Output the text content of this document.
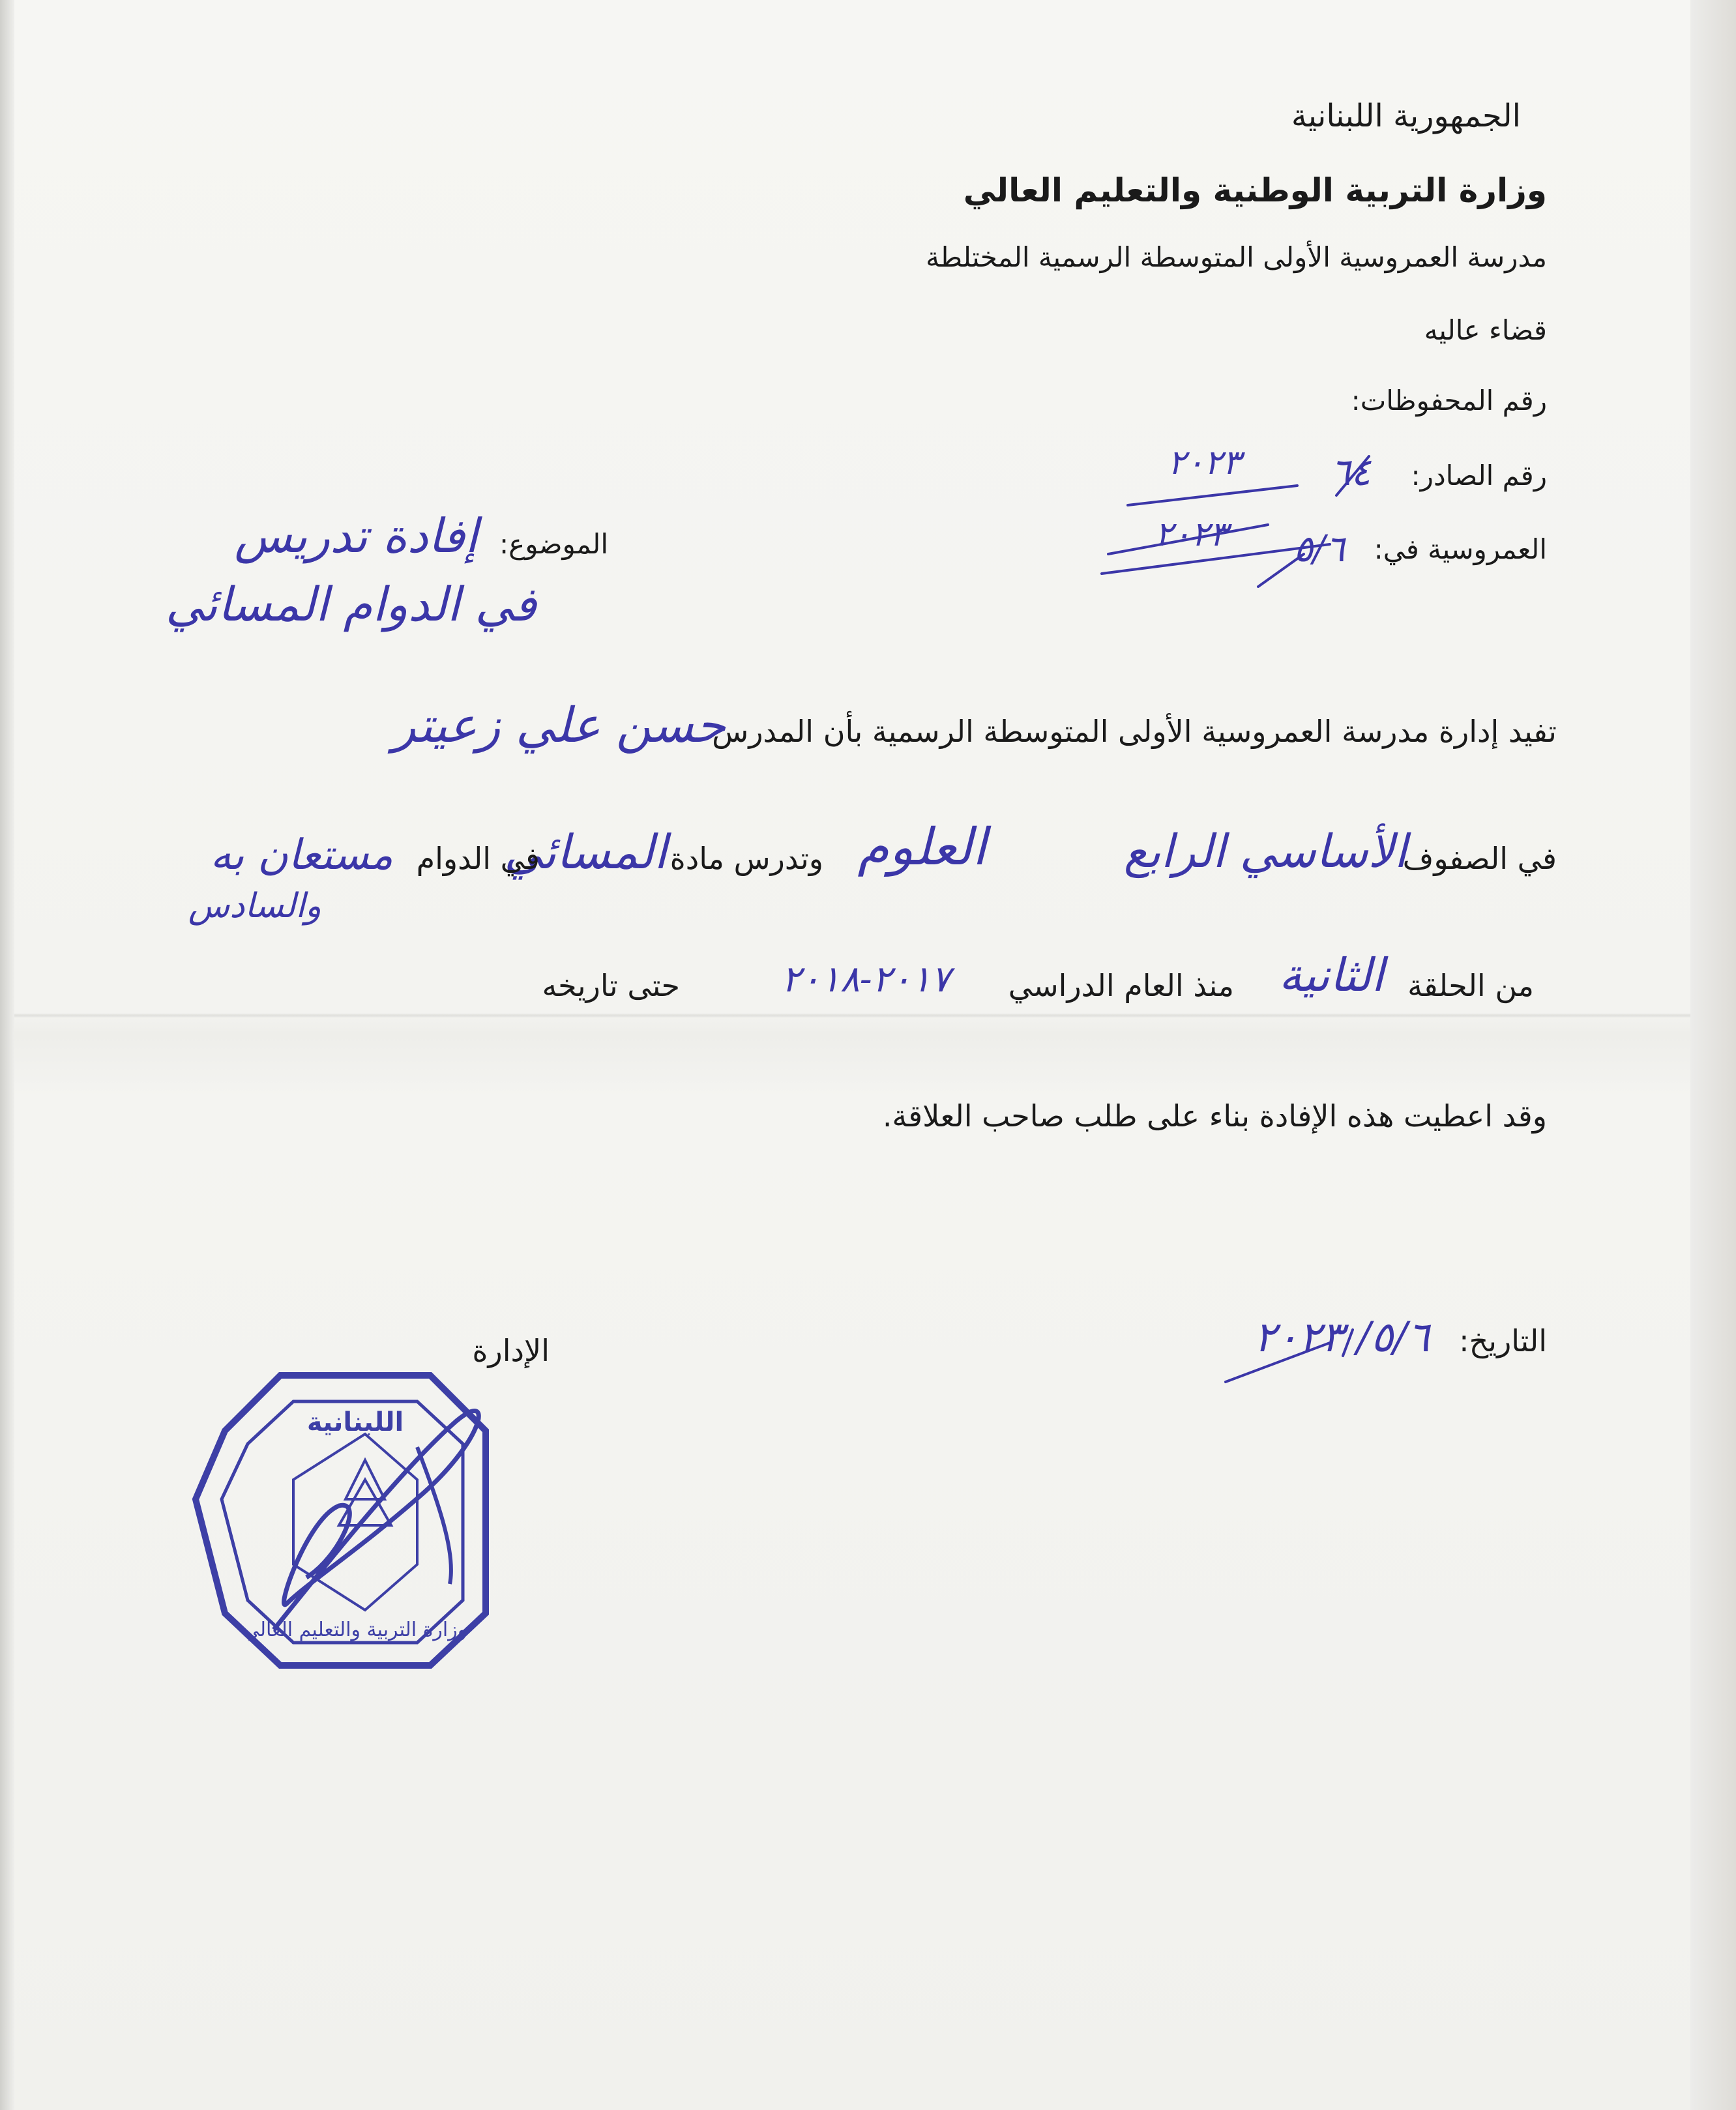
الجمهورية اللبنانية
وزارة التربية الوطنية والتعليم العالي
مدرسة العمروسية الأولى المتوسطة الرسمية المختلطة
قضاء عاليه
رقم المحفوظات:
رقم الصادر:
العمروسية في:
٦٤
٢٠٢٣
٥/٦
٢٠٢٣
الموضوع:
إفادة تدريس
في الدوام المسائي
تفيد إدارة مدرسة العمروسية الأولى المتوسطة الرسمية بأن المدرس
حسن علي زعيتر
في الصفوف
الأساسي الرابع
والسادس
العلوم
وتدرس مادة
المسائي
في الدوام
مستعان به
من الحلقة
الثانية
منذ العام الدراسي
٢٠١٧-٢٠١٨
حتى تاريخه
وقد اعطيت هذه الإفادة بناء على طلب صاحب العلاقة.
التاريخ:
٥/٦/ ٢٠٢٣
الإدارة
اللبنانية
وزارة التربية والتعليم العالي
